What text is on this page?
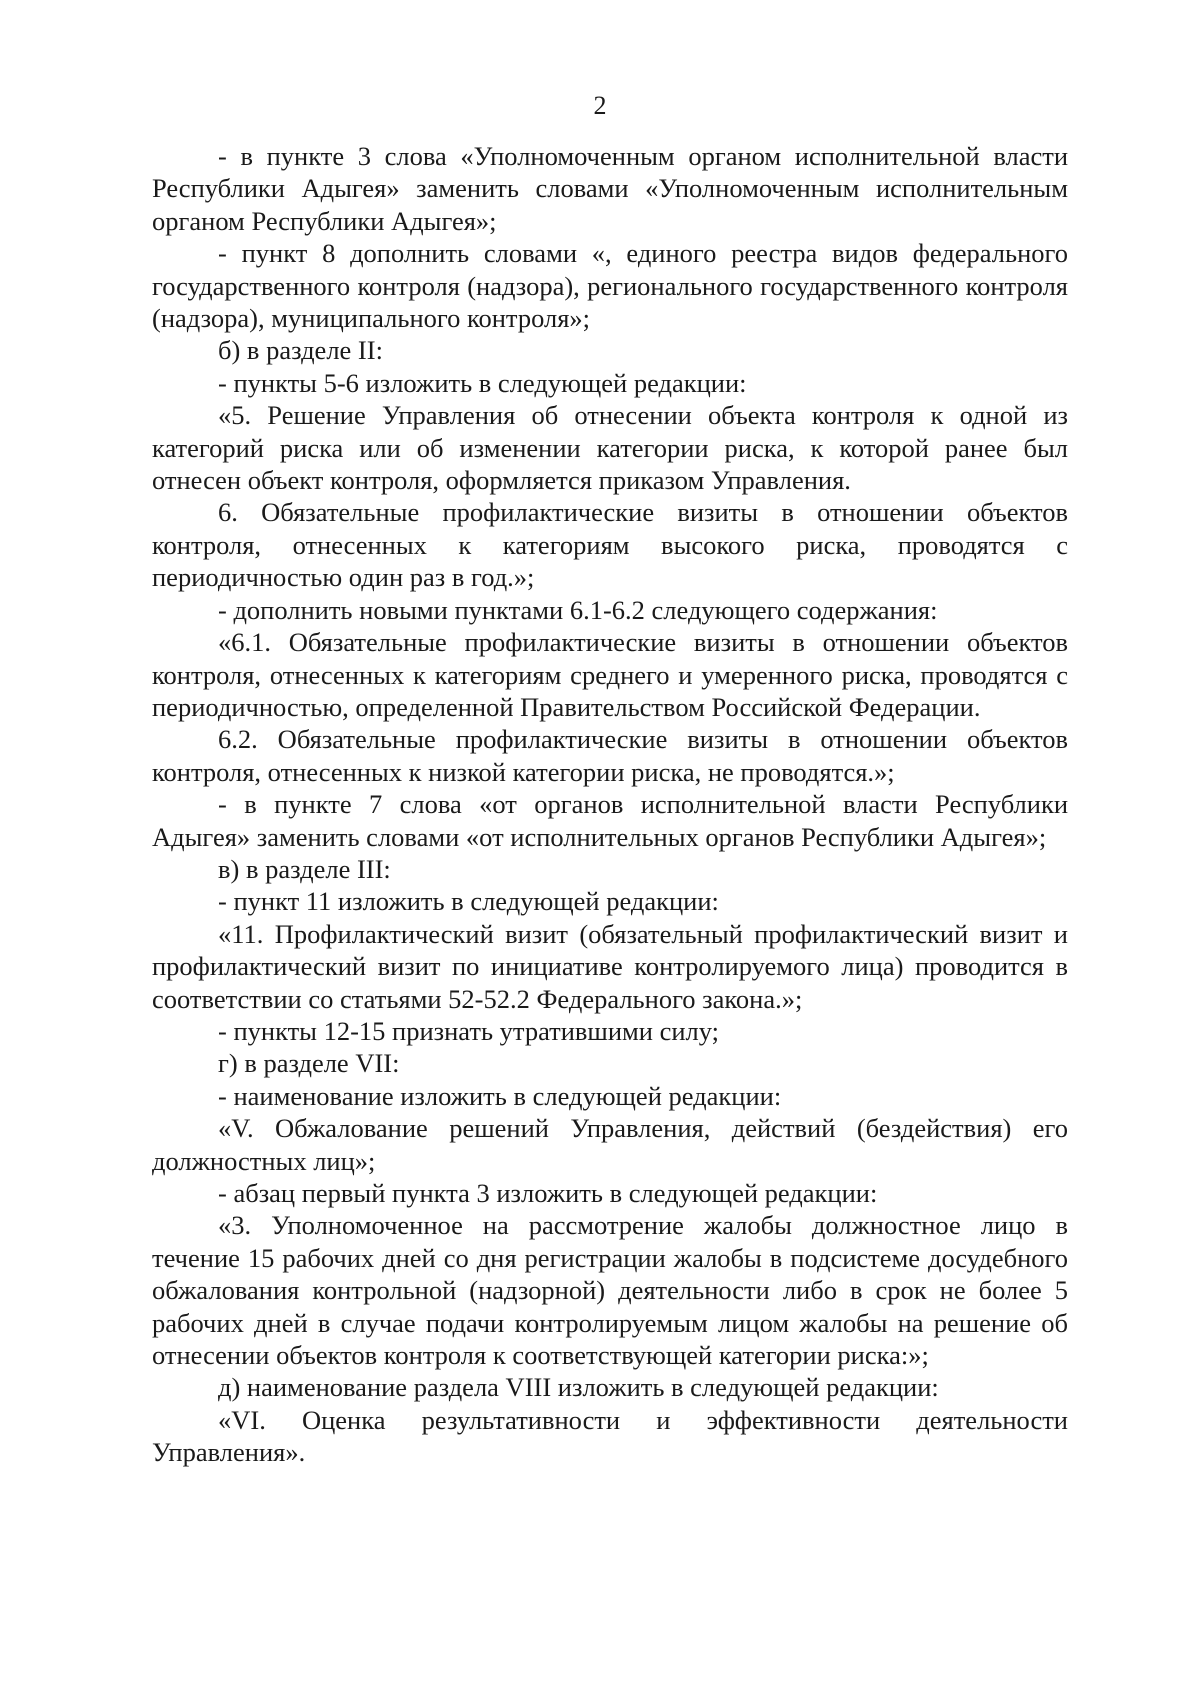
2

- в пункте 3 слова «Уполномоченным органом исполнительной власти Республики Адыгея» заменить словами «Уполномоченным исполнительным органом Республики Адыгея»;

- пункт 8 дополнить словами «, единого реестра видов федерального государственного контроля (надзора), регионального государственного контроля (надзора), муниципального контроля»;

б) в разделе II:

- пункты 5-6 изложить в следующей редакции:

«5. Решение Управления об отнесении объекта контроля к одной из категорий риска или об изменении категории риска, к которой ранее был отнесен объект контроля, оформляется приказом Управления.

6. Обязательные профилактические визиты в отношении объектов контроля, отнесенных к категориям высокого риска, проводятся с периодичностью один раз в год.»;

- дополнить новыми пунктами 6.1-6.2 следующего содержания:

«6.1. Обязательные профилактические визиты в отношении объектов контроля, отнесенных к категориям среднего и умеренного риска, проводятся с периодичностью, определенной Правительством Российской Федерации.

6.2. Обязательные профилактические визиты в отношении объектов контроля, отнесенных к низкой категории риска, не проводятся.»;

- в пункте 7 слова «от органов исполнительной власти Республики Адыгея» заменить словами «от исполнительных органов Республики Адыгея»;

в) в разделе III:

- пункт 11 изложить в следующей редакции:

«11. Профилактический визит (обязательный профилактический визит и профилактический визит по инициативе контролируемого лица) проводится в соответствии со статьями 52-52.2 Федерального закона.»;

- пункты 12-15 признать утратившими силу;

г) в разделе VII:

- наименование изложить в следующей редакции:

«V. Обжалование решений Управления, действий (бездействия) его должностных лиц»;

- абзац первый пункта 3 изложить в следующей редакции:

«3. Уполномоченное на рассмотрение жалобы должностное лицо в течение 15 рабочих дней со дня регистрации жалобы в подсистеме досудебного обжалования контрольной (надзорной) деятельности либо в срок не более 5 рабочих дней в случае подачи контролируемым лицом жалобы на решение об отнесении объектов контроля к соответствующей категории риска:»;

д) наименование раздела VIII изложить в следующей редакции:

«VI. Оценка результативности и эффективности деятельности Управления».
